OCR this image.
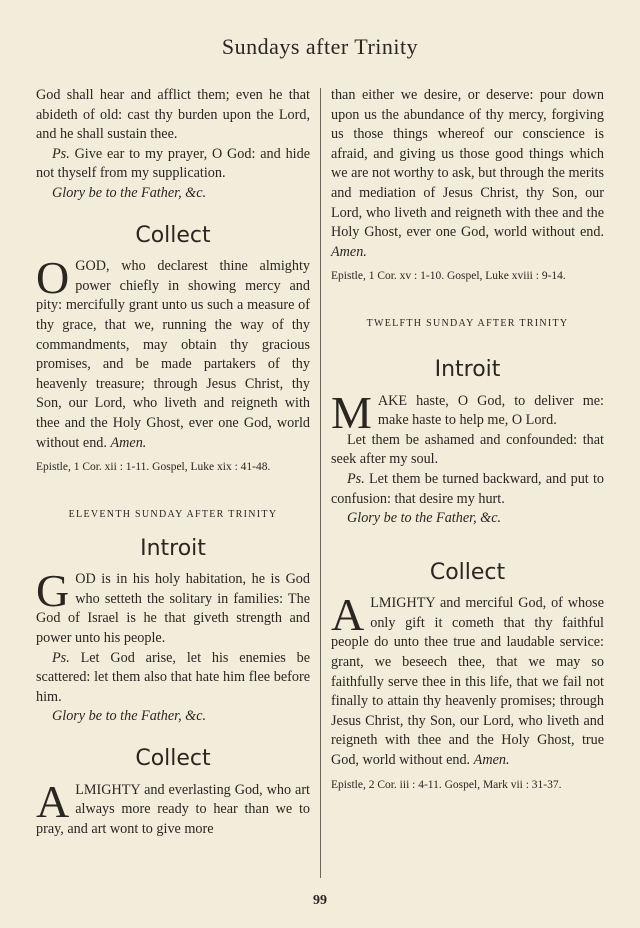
Sundays after Trinity

God shall hear and afflict them; even he that abideth of old: cast thy burden upon the Lord, and he shall sustain thee.

Ps. Give ear to my prayer, O God: and hide not thyself from my supplication.

Glory be to the Father, &c.

Collect

OGOD, who declarest thine almighty power chiefly in showing mercy and pity: mercifully grant unto us such a measure of thy grace, that we, running the way of thy commandments, may obtain thy gracious promises, and be made partakers of thy heavenly treasure; through Jesus Christ, thy Son, our Lord, who liveth and reigneth with thee and the Holy Ghost, ever one God, world without end. Amen.

Epistle, 1 Cor. xii : 1-11. Gospel, Luke xix : 41-48.

ELEVENTH SUNDAY AFTER TRINITY

Introit

GOD is in his holy habitation, he is God who setteth the solitary in families: The God of Israel is he that giveth strength and power unto his people.

Ps. Let God arise, let his enemies be scattered: let them also that hate him flee before him.

Glory be to the Father, &c.

Collect

ALMIGHTY and everlasting God, who art always more ready to hear than we to pray, and art wont to give more

than either we desire, or deserve: pour down upon us the abundance of thy mercy, forgiving us those things whereof our conscience is afraid, and giving us those good things which we are not worthy to ask, but through the merits and mediation of Jesus Christ, thy Son, our Lord, who liveth and reigneth with thee and the Holy Ghost, ever one God, world without end. Amen.

Epistle, 1 Cor. xv : 1-10. Gospel, Luke xviii : 9-14.

TWELFTH SUNDAY AFTER TRINITY

Introit

MAKE haste, O God, to deliver me: make haste to help me, O Lord.

Let them be ashamed and confounded: that seek after my soul.

Ps. Let them be turned backward, and put to confusion: that desire my hurt.

Glory be to the Father, &c.

Collect

ALMIGHTY and merciful God, of whose only gift it cometh that thy faithful people do unto thee true and laudable service: grant, we beseech thee, that we may so faithfully serve thee in this life, that we fail not finally to attain thy heavenly promises; through Jesus Christ, thy Son, our Lord, who liveth and reigneth with thee and the Holy Ghost, true God, world without end. Amen.

Epistle, 2 Cor. iii : 4-11. Gospel, Mark vii : 31-37.

99
